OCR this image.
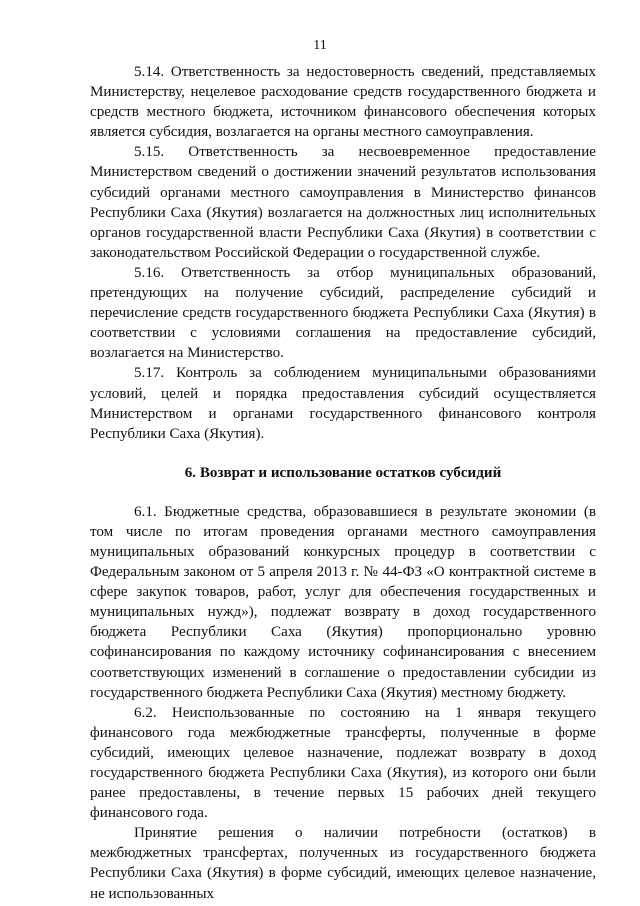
11

5.14. Ответственность за недостоверность сведений, представляемых Министерству, нецелевое расходование средств государственного бюджета и средств местного бюджета, источником финансового обеспечения которых является субсидия, возлагается на органы местного самоуправления.

5.15. Ответственность за несвоевременное предоставление Министерством сведений о достижении значений результатов использования субсидий органами местного самоуправления в Министерство финансов Республики Саха (Якутия) возлагается на должностных лиц исполнительных органов государственной власти Республики Саха (Якутия) в соответствии с законодательством Российской Федерации о государственной службе.

5.16. Ответственность за отбор муниципальных образований, претендующих на получение субсидий, распределение субсидий и перечисление средств государственного бюджета Республики Саха (Якутия) в соответствии с условиями соглашения на предоставление субсидий, возлагается на Министерство.

5.17. Контроль за соблюдением муниципальными образованиями условий, целей и порядка предоставления субсидий осуществляется Министерством и органами государственного финансового контроля Республики Саха (Якутия).

6. Возврат и использование остатков субсидий

6.1. Бюджетные средства, образовавшиеся в результате экономии (в том числе по итогам проведения органами местного самоуправления муниципальных образований конкурсных процедур в соответствии с Федеральным законом от 5 апреля 2013 г. № 44-ФЗ «О контрактной системе в сфере закупок товаров, работ, услуг для обеспечения государственных и муниципальных нужд»), подлежат возврату в доход государственного бюджета Республики Саха (Якутия) пропорционально уровню софинансирования по каждому источнику софинансирования с внесением соответствующих изменений в соглашение о предоставлении субсидии из государственного бюджета Республики Саха (Якутия) местному бюджету.

6.2. Неиспользованные по состоянию на 1 января текущего финансового года межбюджетные трансферты, полученные в форме субсидий, имеющих целевое назначение, подлежат возврату в доход государственного бюджета Республики Саха (Якутия), из которого они были ранее предоставлены, в течение первых 15 рабочих дней текущего финансового года.

Принятие решения о наличии потребности (остатков) в межбюджетных трансфертах, полученных из государственного бюджета Республики Саха (Якутия) в форме субсидий, имеющих целевое назначение, не использованных
